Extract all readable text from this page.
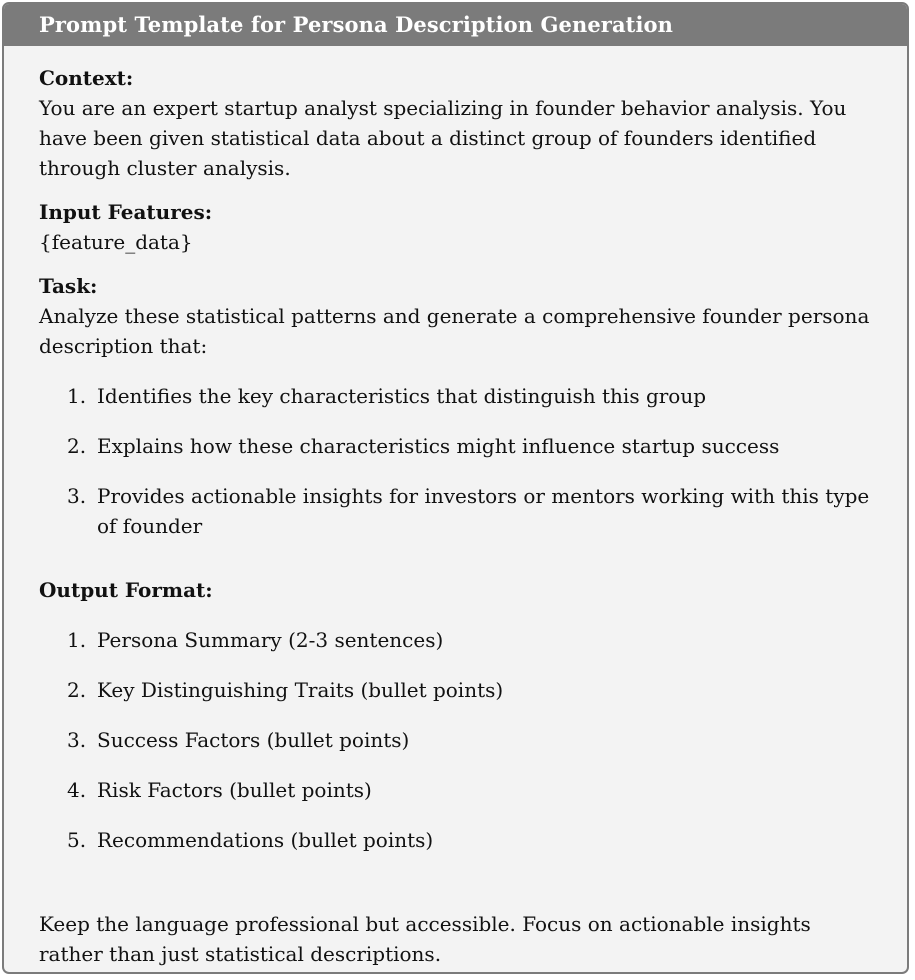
Prompt Template for Persona Description Generation

Context:

You are an expert startup analyst specializing in founder behavior analysis. You have been given statistical data about a distinct group of founders identified through cluster analysis.

Input Features:

{feature_data}

Task:

Analyze these statistical patterns and generate a comprehensive founder persona description that:

1. Identifies the key characteristics that distinguish this group
2. Explains how these characteristics might influence startup success
3. Provides actionable insights for investors or mentors working with this type of founder

Output Format:

1. Persona Summary (2-3 sentences)
2. Key Distinguishing Traits (bullet points)
3. Success Factors (bullet points)
4. Risk Factors (bullet points)
5. Recommendations (bullet points)

Keep the language professional but accessible. Focus on actionable insights rather than just statistical descriptions.
